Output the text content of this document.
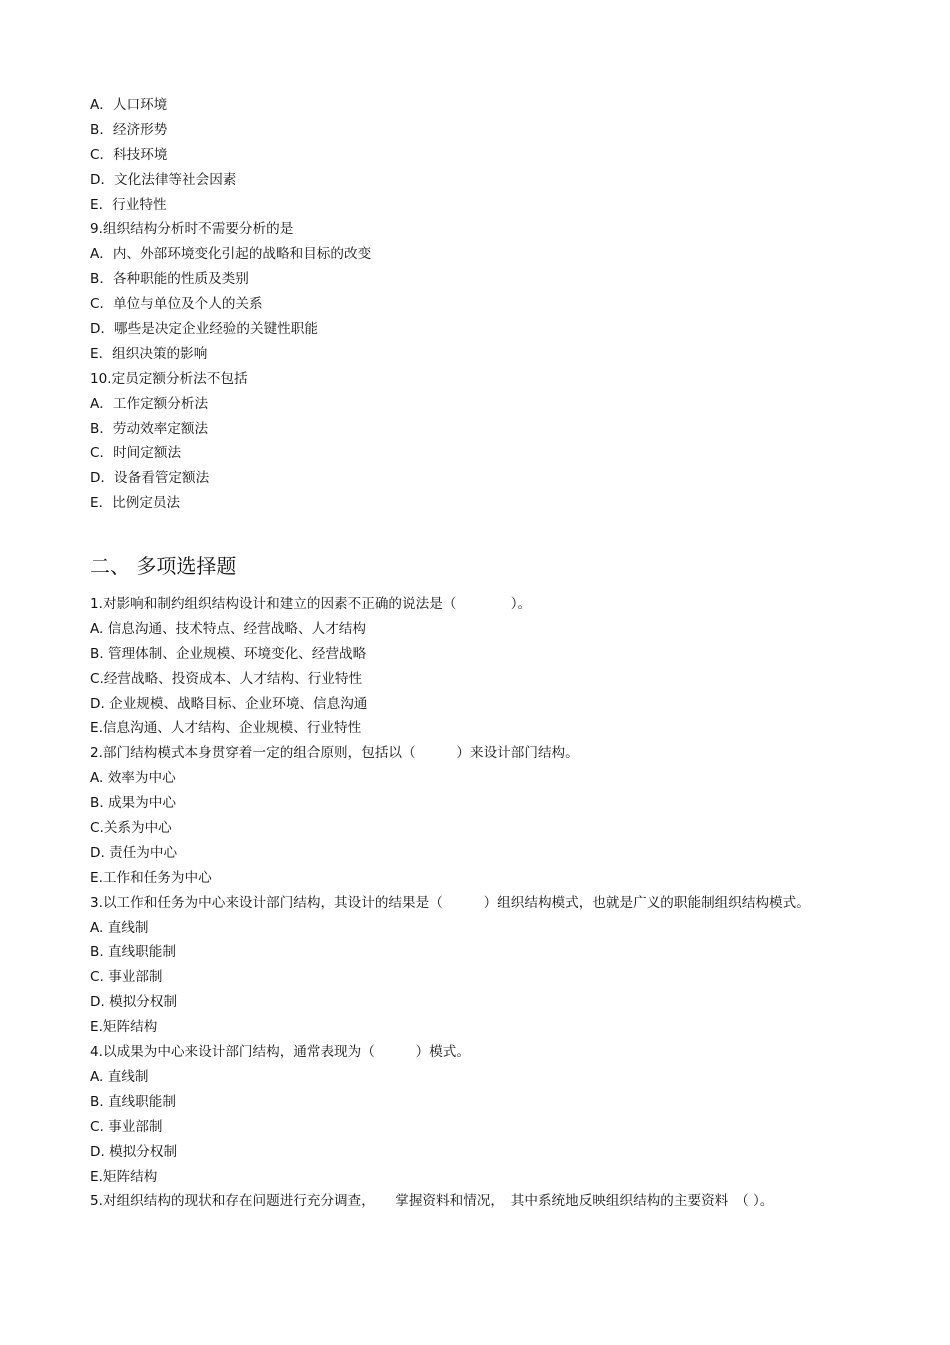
A．人口环境
B．经济形势
C．科技环境
D．文化法律等社会因素
E．行业特性
9.组织结构分析时不需要分析的是
A．内、外部环境变化引起的战略和目标的改变
B．各种职能的性质及类别
C．单位与单位及个人的关系
D．哪些是决定企业经验的关键性职能
E．组织决策的影响
10.定员定额分析法不包括
A．工作定额分析法
B．劳动效率定额法
C．时间定额法
D．设备看管定额法
E．比例定员法
二、 多项选择题
1.对影响和制约组织结构设计和建立的因素不正确的说法是（　　　　）。
A. 信息沟通、技术特点、经营战略、人才结构
B. 管理体制、企业规模、环境变化、经营战略
C.经营战略、投资成本、人才结构、行业特性
D. 企业规模、战略目标、企业环境、信息沟通
E.信息沟通、人才结构、企业规模、行业特性
2.部门结构模式本身贯穿着一定的组合原则，包括以（　　　）来设计部门结构。
A. 效率为中心
B. 成果为中心
C.关系为中心
D. 责任为中心
E.工作和任务为中心
3.以工作和任务为中心来设计部门结构，其设计的结果是（　　　）组织结构模式，也就是广义的职能制组织结构模式。
A. 直线制
B. 直线职能制
C. 事业部制
D. 模拟分权制
E.矩阵结构
4.以成果为中心来设计部门结构，通常表现为（　　　）模式。
A. 直线制
B. 直线职能制
C. 事业部制
D. 模拟分权制
E.矩阵结构
5.对组织结构的现状和存在问题进行充分调查，　　掌握资料和情况，　其中系统地反映组织结构的主要资料　（ ）。
